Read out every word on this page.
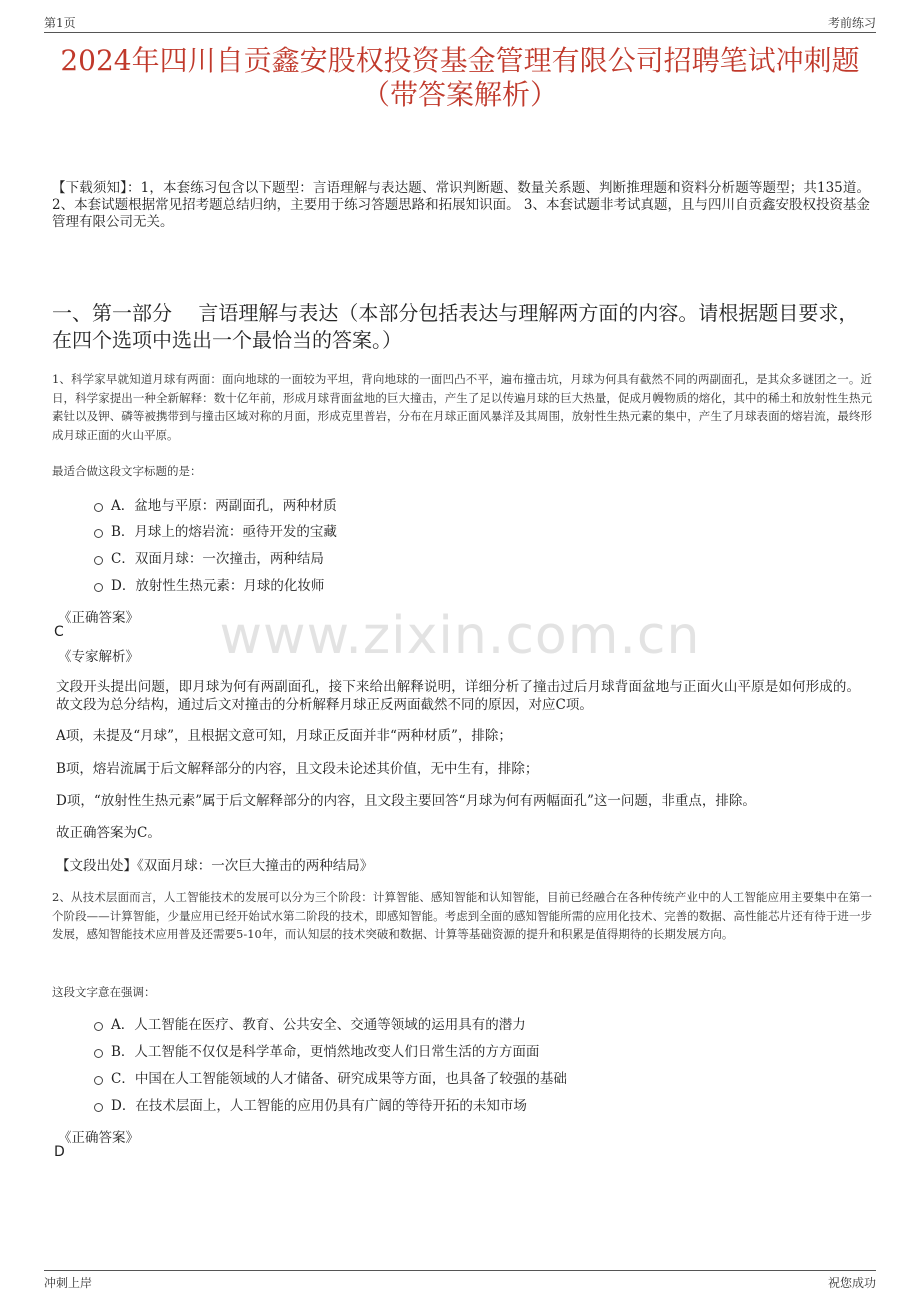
第1页	考前练习
2024年四川自贡鑫安股权投资基金管理有限公司招聘笔试冲刺题（带答案解析）
【下载须知】：1，本套练习包含以下题型：言语理解与表达题、常识判断题、数量关系题、判断推理题和资料分析题等题型；共135道。 2、本套试题根据常见招考题总结归纳，主要用于练习答题思路和拓展知识面。 3、本套试题非考试真题，且与四川自贡鑫安股权投资基金管理有限公司无关。
一、第一部分　 言语理解与表达（本部分包括表达与理解两方面的内容。请根据题目要求，在四个选项中选出一个最恰当的答案。）
1、科学家早就知道月球有两面：面向地球的一面较为平坦，背向地球的一面凹凸不平，遍布撞击坑，月球为何具有截然不同的两副面孔，是其众多谜团之一。近日，科学家提出一种全新解释：数十亿年前，形成月球背面盆地的巨大撞击，产生了足以传遍月球的巨大热量，促成月幔物质的熔化，其中的稀土和放射性生热元素钍以及钾、磷等被携带到与撞击区域对称的月面，形成克里普岩，分布在月球正面风暴洋及其周围，放射性生热元素的集中，产生了月球表面的熔岩流，最终形成月球正面的火山平原。
最适合做这段文字标题的是：
A．盆地与平原：两副面孔，两种材质
B．月球上的熔岩流：亟待开发的宝藏
C．双面月球：一次撞击，两种结局
D．放射性生热元素：月球的化妆师
《正确答案》
C
《专家解析》
文段开头提出问题，即月球为何有两副面孔，接下来给出解释说明，详细分析了撞击过后月球背面盆地与正面火山平原是如何形成的。故文段为总分结构，通过后文对撞击的分析解释月球正反两面截然不同的原因，对应C项。
A项，未提及“月球”，且根据文意可知，月球正反面并非“两种材质”，排除；
B项，熔岩流属于后文解释部分的内容，且文段未论述其价值，无中生有，排除；
D项，“放射性生热元素”属于后文解释部分的内容，且文段主要回答“月球为何有两幅面孔”这一问题，非重点，排除。
故正确答案为C。
【文段出处】《双面月球：一次巨大撞击的两种结局》
2、从技术层面而言，人工智能技术的发展可以分为三个阶段：计算智能、感知智能和认知智能，目前已经融合在各种传统产业中的人工智能应用主要集中在第一个阶段——计算智能，少量应用已经开始试水第二阶段的技术，即感知智能。考虑到全面的感知智能所需的应用化技术、完善的数据、高性能芯片还有待于进一步发展，感知智能技术应用普及还需要5-10年，而认知层的技术突破和数据、计算等基础资源的提升和积累是值得期待的长期发展方向。
这段文字意在强调：
A．人工智能在医疗、教育、公共安全、交通等领域的运用具有的潜力
B．人工智能不仅仅是科学革命，更悄然地改变人们日常生活的方方面面
C．中国在人工智能领域的人才储备、研究成果等方面，也具备了较强的基础
D．在技术层面上，人工智能的应用仍具有广阔的等待开拓的未知市场
《正确答案》
D
www.zixin.com.cn
冲刺上岸	祝您成功
